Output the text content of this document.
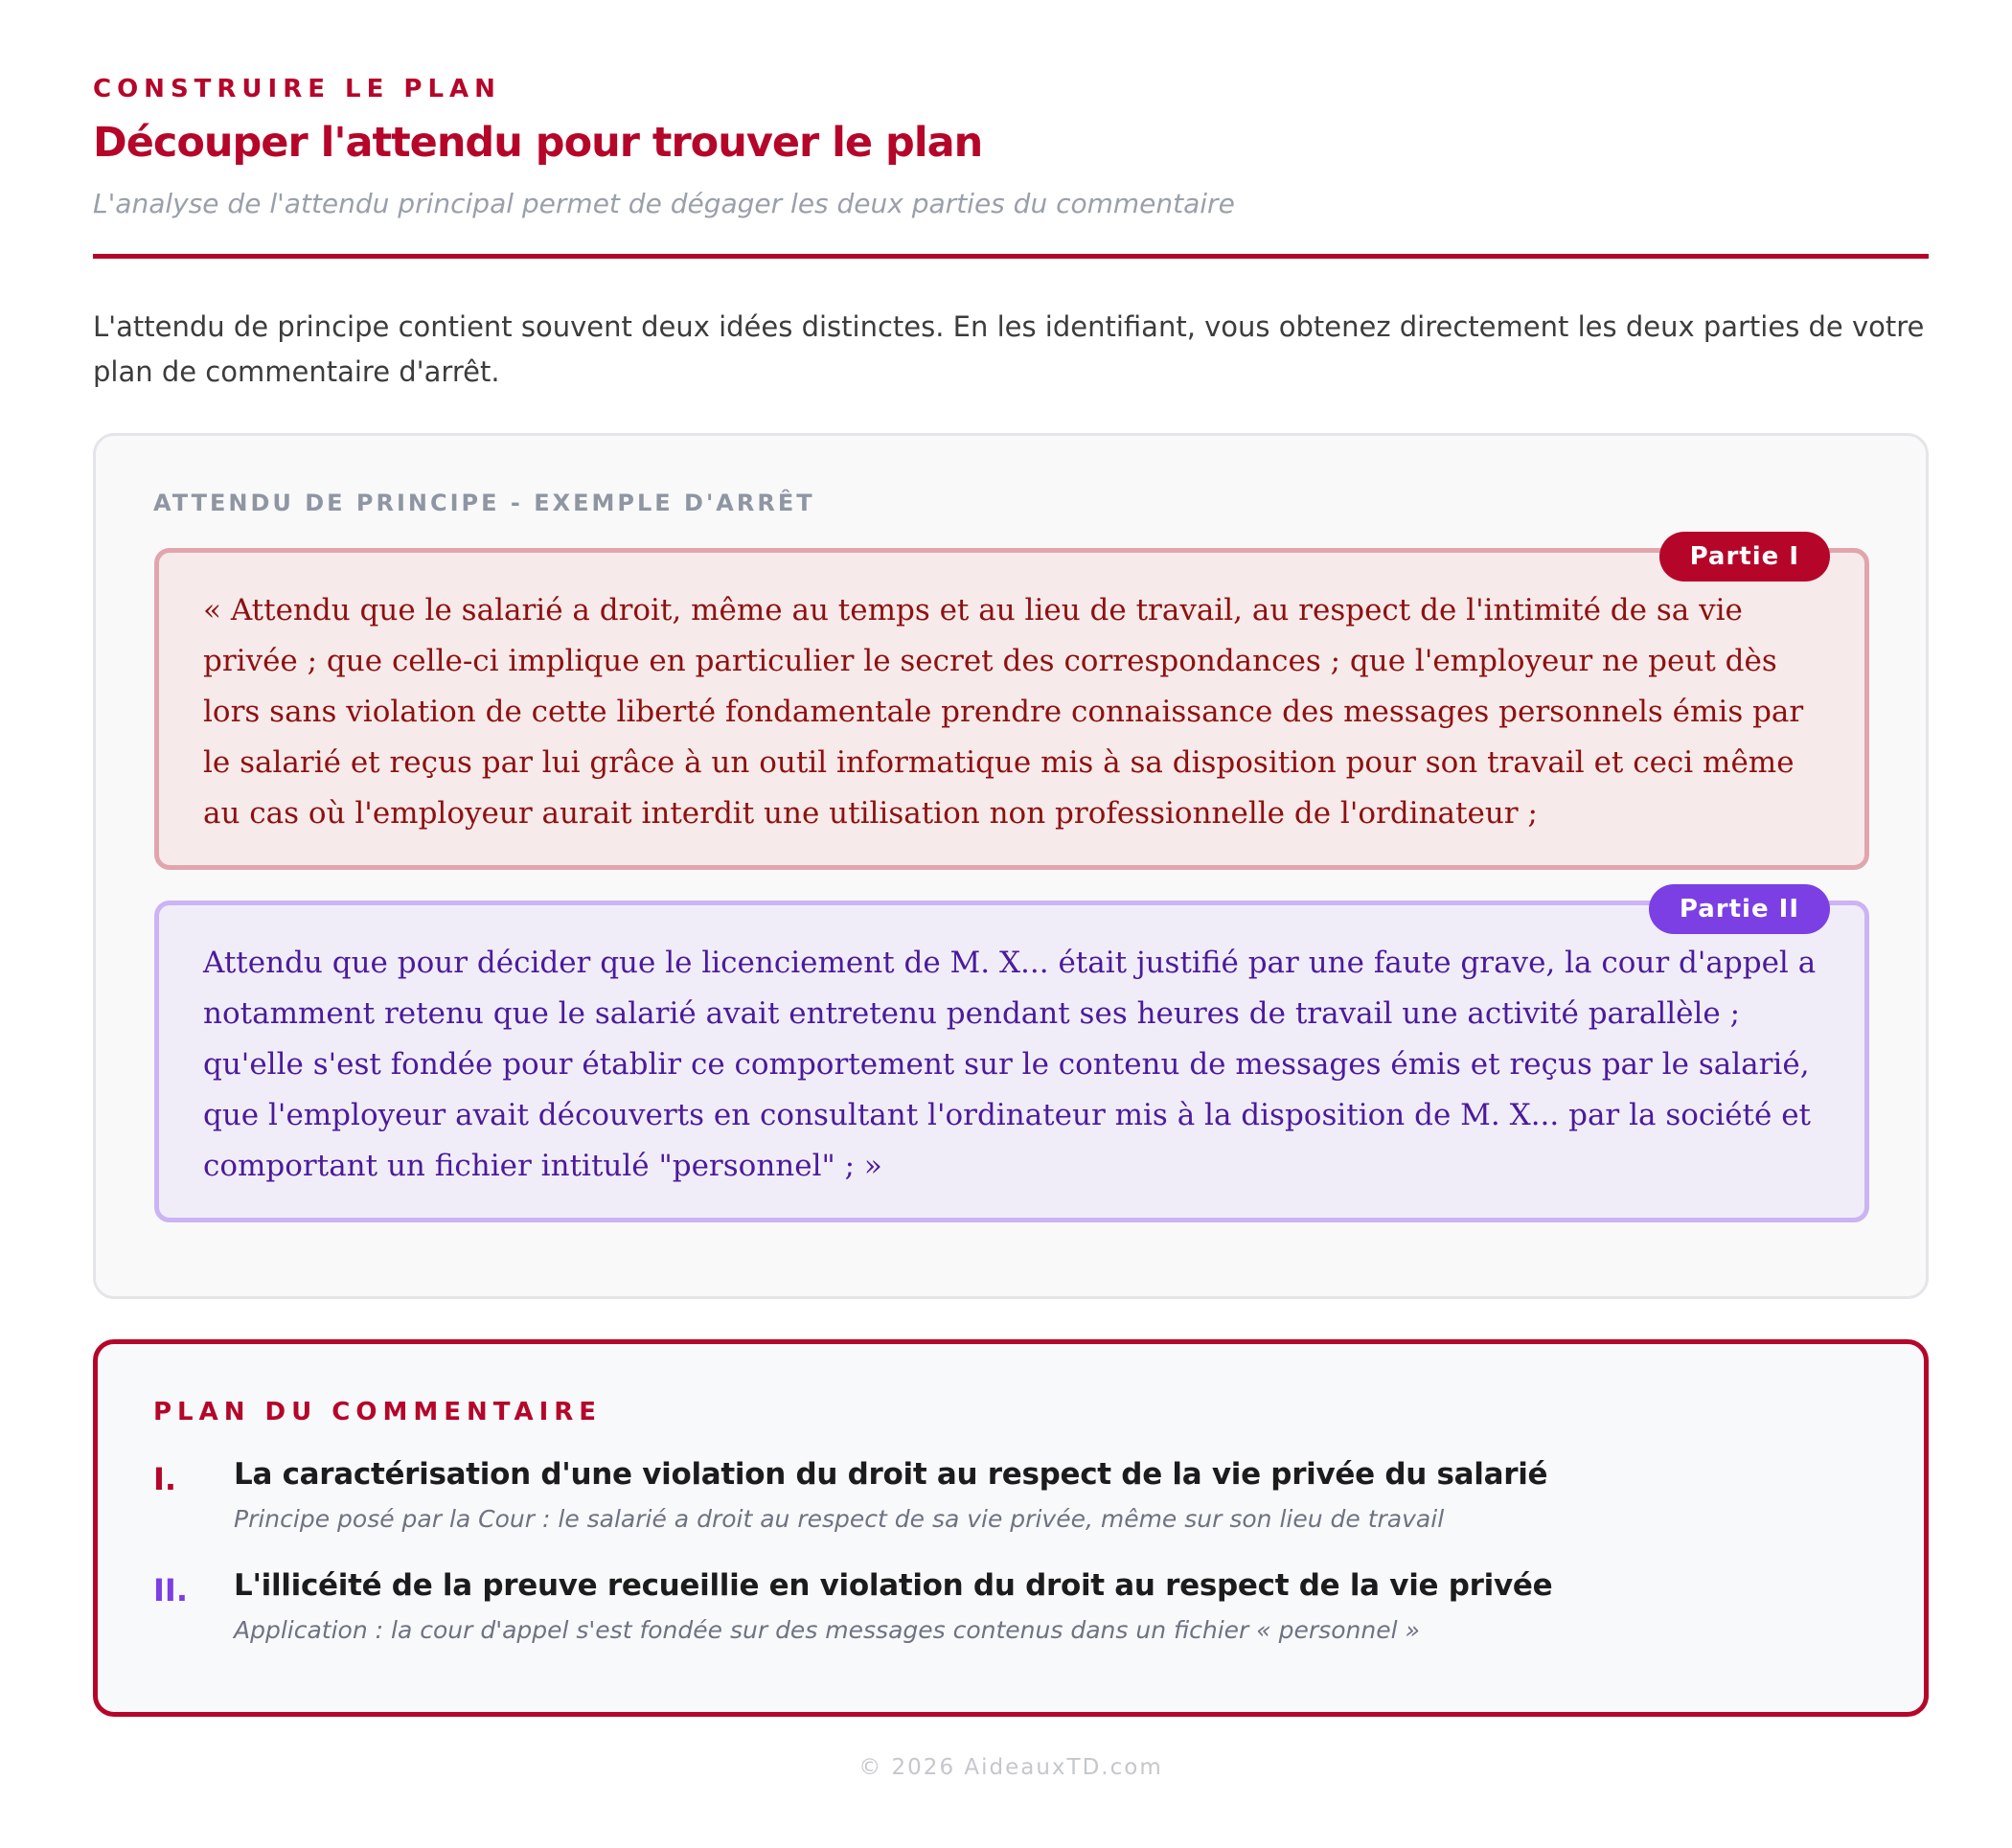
CONSTRUIRE LE PLAN
Découper l'attendu pour trouver le plan
L'analyse de l'attendu principal permet de dégager les deux parties du commentaire

L'attendu de principe contient souvent deux idées distinctes. En les identifiant, vous obtenez directement les deux parties de votre plan de commentaire d'arrêt.

ATTENDU DE PRINCIPE - EXEMPLE D'ARRÊT
Partie I

« Attendu que le salarié a droit, même au temps et au lieu de travail, au respect de l'intimité de sa vie privée ; que celle-ci implique en particulier le secret des correspondances ; que l'employeur ne peut dès lors sans violation de cette liberté fondamentale prendre connaissance des messages personnels émis par le salarié et reçus par lui grâce à un outil informatique mis à sa disposition pour son travail et ceci même au cas où l'employeur aurait interdit une utilisation non professionnelle de l'ordinateur ;

Partie II

Attendu que pour décider que le licenciement de M. X... était justifié par une faute grave, la cour d'appel a notamment retenu que le salarié avait entretenu pendant ses heures de travail une activité parallèle ; qu'elle s'est fondée pour établir ce comportement sur le contenu de messages émis et reçus par le salarié, que l'employeur avait découverts en consultant l'ordinateur mis à la disposition de M. X... par la société et comportant un fichier intitulé "personnel" ; »

PLAN DU COMMENTAIRE
I. La caractérisation d'une violation du droit au respect de la vie privée du salarié
Principe posé par la Cour : le salarié a droit au respect de sa vie privée, même sur son lieu de travail
II. L'illicéité de la preuve recueillie en violation du droit au respect de la vie privée
Application : la cour d'appel s'est fondée sur des messages contenus dans un fichier « personnel »
© 2026 AideauxTD.com
